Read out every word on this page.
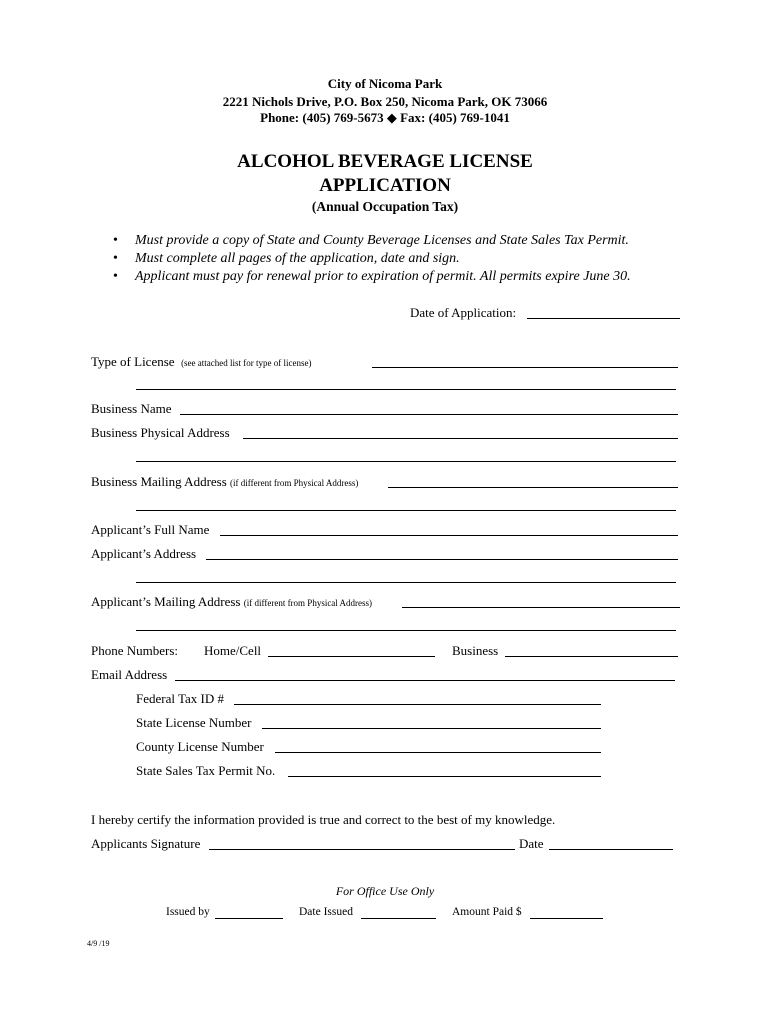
City of Nicoma Park
2221 Nichols Drive, P.O. Box 250, Nicoma Park, OK 73066
Phone: (405) 769-5673 ◆ Fax: (405) 769-1041
ALCOHOL BEVERAGE LICENSE
APPLICATION
(Annual Occupation Tax)
• Must provide a copy of State and County Beverage Licenses and State Sales Tax Permit.
• Must complete all pages of the application, date and sign.
• Applicant must pay for renewal prior to expiration of permit. All permits expire June 30.
Date of Application:
Type of License (see attached list for type of license)
Business Name
Business Physical Address
Business Mailing Address (if different from Physical Address)
Applicant’s Full Name
Applicant’s Address
Applicant’s Mailing Address (if different from Physical Address)
Phone Numbers: Home/Cell	Business
Email Address
Federal Tax ID #
State License Number
County License Number
State Sales Tax Permit No.
I hereby certify the information provided is true and correct to the best of my knowledge.
Applicants Signature	Date
For Office Use Only
Issued by	Date Issued	Amount Paid $
4/9 /19
